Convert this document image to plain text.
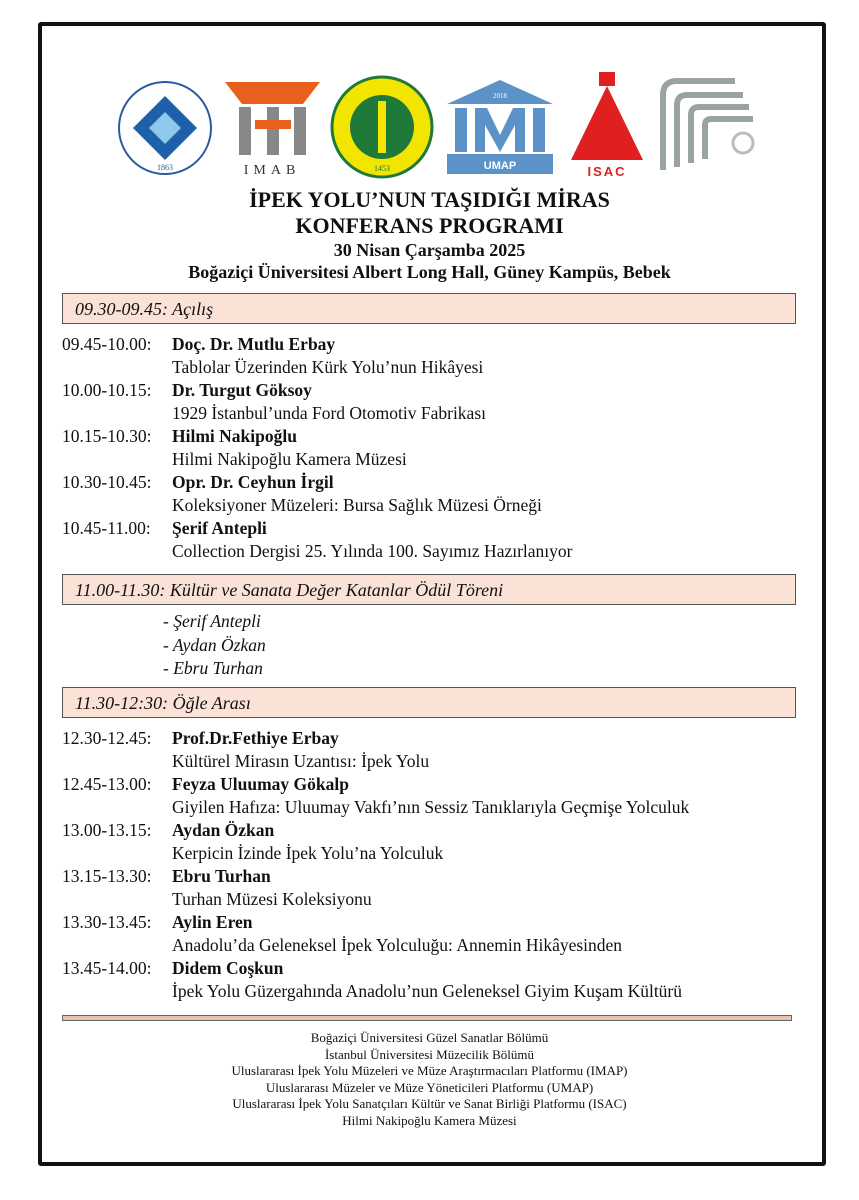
1863	IMAB	1453
2018
UMAP	ISAC
İPEK YOLU’NUN TAŞIDIĞI MİRAS
KONFERANS PROGRAMI
30 Nisan Çarşamba 2025
Boğaziçi Üniversitesi Albert Long Hall, Güney Kampüs, Bebek
09.30-09.45: Açılış
09.45-10.00: Doç. Dr. Mutlu Erbay
Tablolar Üzerinden Kürk Yolu’nun Hikâyesi
10.00-10.15: Dr. Turgut Göksoy
1929 İstanbul’unda Ford Otomotiv Fabrikası
10.15-10.30: Hilmi Nakipoğlu
Hilmi Nakipoğlu Kamera Müzesi
10.30-10.45: Opr. Dr. Ceyhun İrgil
Koleksiyoner Müzeleri: Bursa Sağlık Müzesi Örneği
10.45-11.00: Şerif Antepli
Collection Dergisi 25. Yılında 100. Sayımız Hazırlanıyor
11.00-11.30: Kültür ve Sanata Değer Katanlar Ödül Töreni
- Şerif Antepli
- Aydan Özkan
- Ebru Turhan
11.30-12:30: Öğle Arası
12.30-12.45: Prof.Dr.Fethiye Erbay
Kültürel Mirasın Uzantısı: İpek Yolu
12.45-13.00: Feyza Uluumay Gökalp
Giyilen Hafıza: Uluumay Vakfı’nın Sessiz Tanıklarıyla Geçmişe Yolculuk
13.00-13.15: Aydan Özkan
Kerpicin İzinde İpek Yolu’na Yolculuk
13.15-13.30: Ebru Turhan
Turhan Müzesi Koleksiyonu
13.30-13.45: Aylin Eren
Anadolu’da Geleneksel İpek Yolculuğu: Annemin Hikâyesinden
13.45-14.00: Didem Coşkun
İpek Yolu Güzergahında Anadolu’nun Geleneksel Giyim Kuşam Kültürü
Boğaziçi Üniversitesi Güzel Sanatlar Bölümü
İstanbul Üniversitesi Müzecilik Bölümü
Uluslararası İpek Yolu Müzeleri ve Müze Araştırmacıları Platformu (IMAP)
Uluslararası Müzeler ve Müze Yöneticileri Platformu (UMAP)
Uluslararası İpek Yolu Sanatçıları Kültür ve Sanat Birliği Platformu (ISAC)
Hilmi Nakipoğlu Kamera Müzesi
